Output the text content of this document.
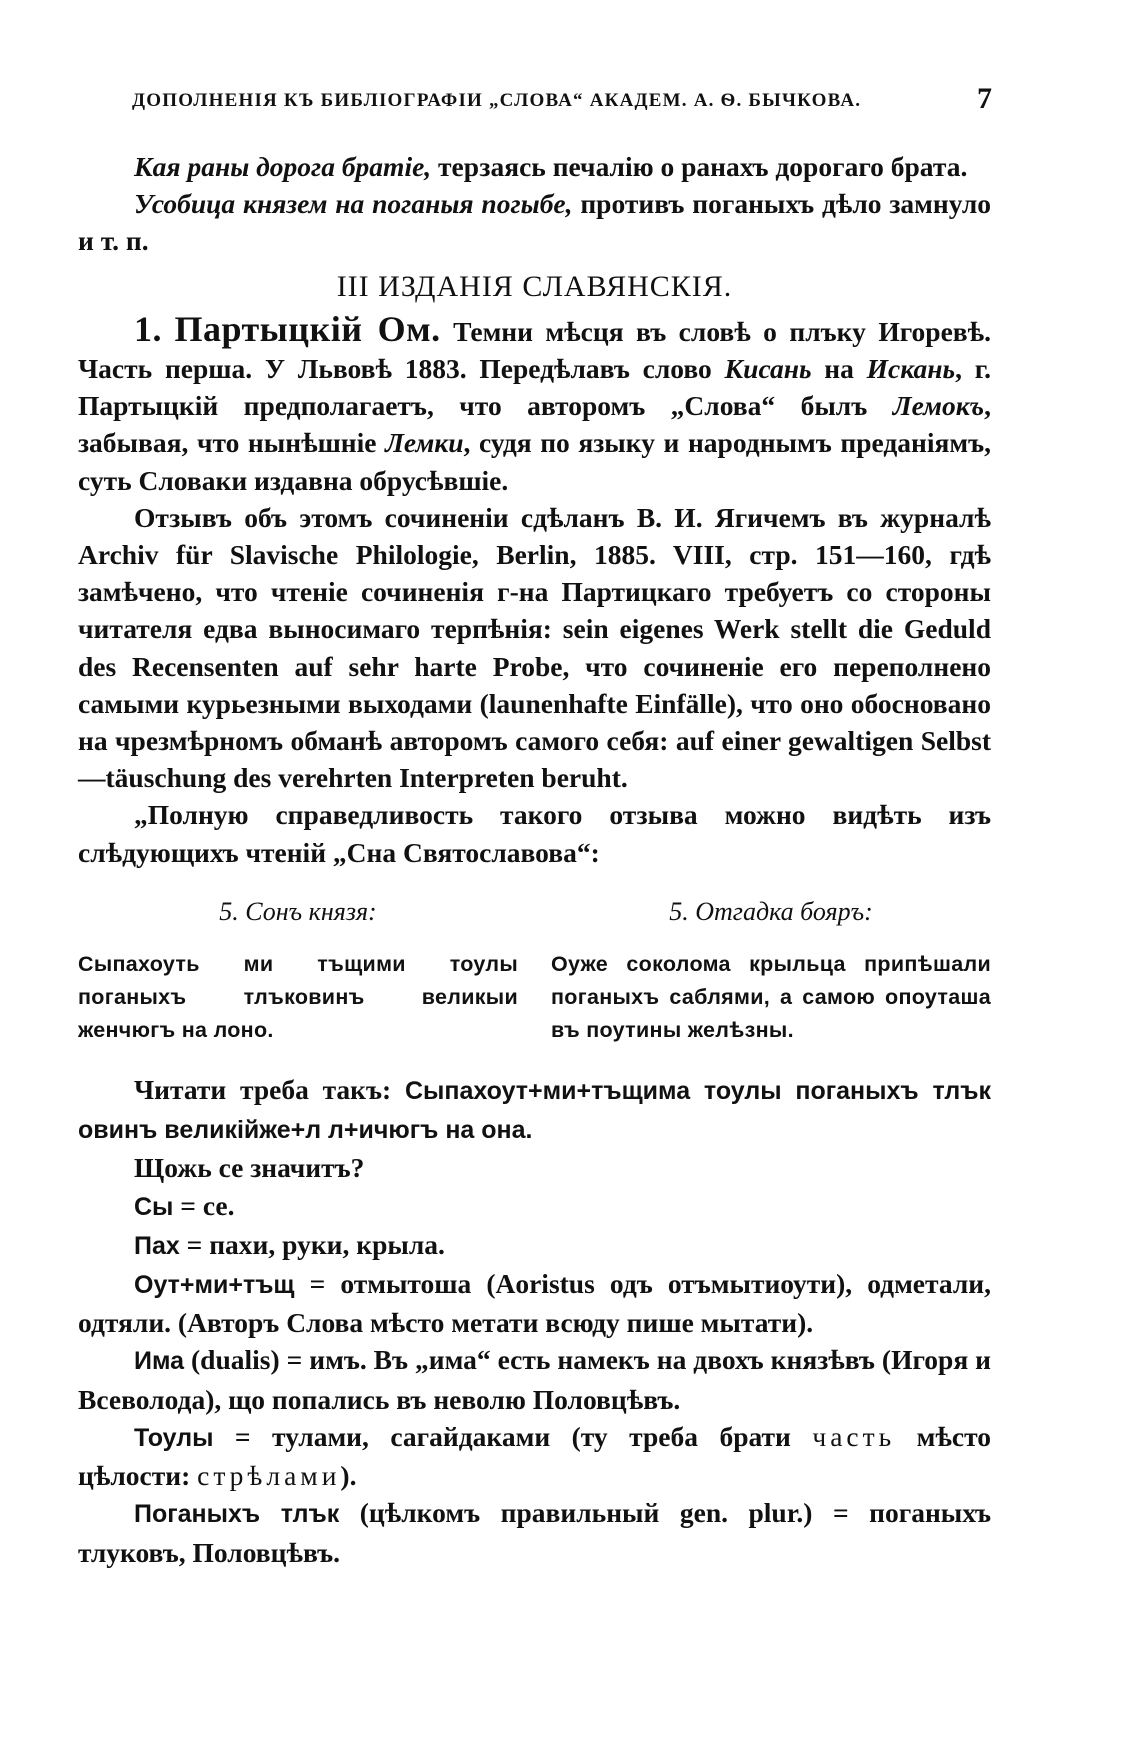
ДОПОЛНЕНІЯ КЪ БИБЛІОГРАФІИ „СЛОВА“ АКАДЕМ. А. Ѳ. БЫЧКОВА.	7

Кая раны дорога братіе, терзаясь печалію о ранахъ дорогаго брата.

Усобица князем на поганыя погыбе, противъ поганыхъ дѣло замнуло и т. п.

III ИЗДАНІЯ СЛАВЯНСКІЯ.

1. Партыцкій Ом. Темни мѣсця въ словѣ о плъку Игоревѣ. Часть перша. У Львовѣ 1883. Передѣлавъ слово Кисань на Искань, г. Партыцкій предполагаетъ, что авторомъ „Слова“ былъ Лемокъ, забывая, что нынѣшніе Лемки, судя по языку и народнымъ преданіямъ, суть Словаки издавна обрусѣвшіе.

Отзывъ объ этомъ сочиненіи сдѣланъ В. И. Ягичемъ въ журналѣ Archiv für Slavische Philologie, Berlin, 1885. VIII, стр. 151—160, гдѣ замѣчено, что чтеніе сочиненія г-на Партицкаго требуетъ со стороны читателя едва выносимаго терпѣнія: sein eigenes Werk stellt die Geduld des Recensenten auf sehr harte Probe, что сочиненіе его переполнено самыми курьезными выходами (launenhafte Einfälle), что оно обосновано на чрезмѣрномъ обманѣ авторомъ самого себя: auf einer gewaltigen Selbst—täuschung des verehrten Interpreten beruht.

„Полную справедливость такого отзыва можно видѣть изъ слѣдующихъ чтеній „Сна Святославова“:

5. Сонъ князя:

Сыпахоуть ми тъщими тоулы поганыхъ тлъковинъ великыи женчюгъ на лоно.

5. Отгадка бояръ:

Оуже соколома крыльца припѣшали поганыхъ саблями, а самою опоуташа въ поутины желѣзны.

Читати треба такъ: Сыпахоут+ми+тъщима тоулы поганыхъ тлък овинъ великійже+л л+ичюгъ на она.

Щожь се значитъ?

Сы = се.

Пах = пахи, руки, крыла.

Оут+ми+тъщ = отмытоша (Aoristus одъ отъмытиоути), одметали, одтяли. (Авторъ Слова мѣсто метати всюду пише мытати).

Има (dualis) = имъ. Въ „има“ есть намекъ на двохъ князѣвъ (Игоря и Всеволода), що попались въ неволю Половцѣвъ.

Тоулы = тулами, сагайдаками (ту треба брати часть мѣсто цѣлости: стрѣлами).

Поганыхъ тлък (цѣлкомъ правильный gen. plur.) = поганыхъ тлуковъ, Половцѣвъ.
